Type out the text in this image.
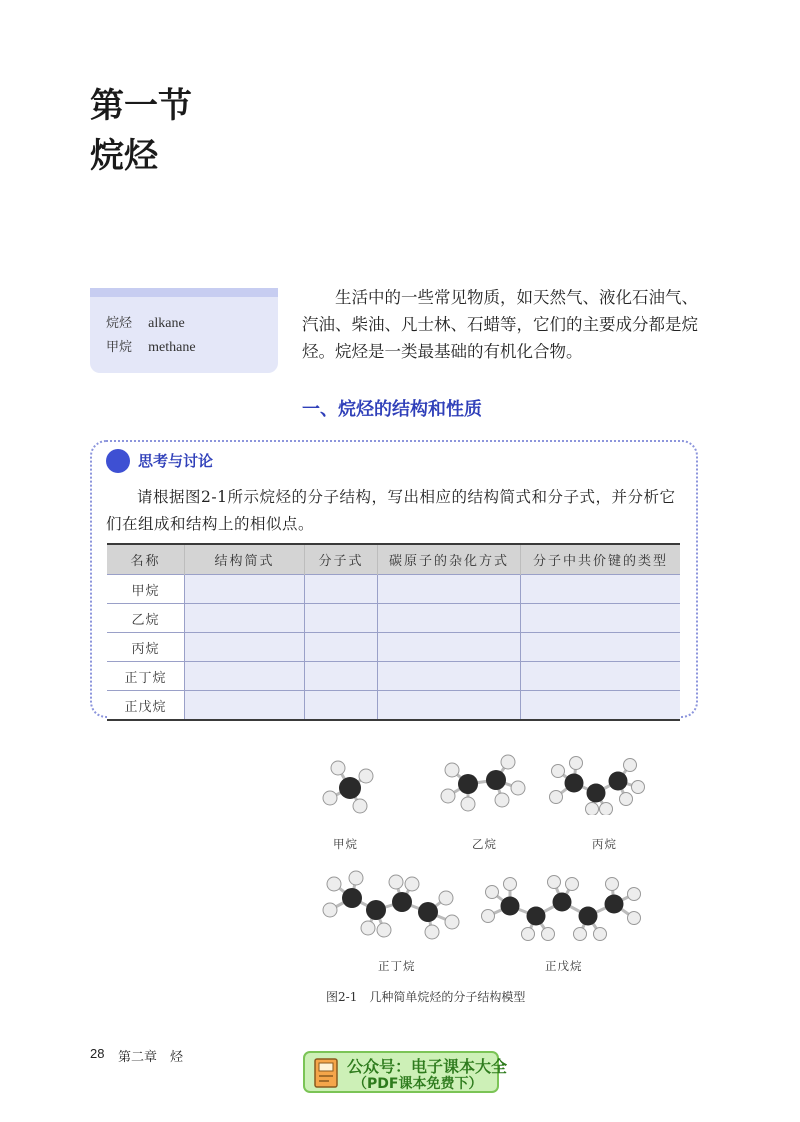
第一节
烷烃
烷烃 alkane
甲烷 methane
生活中的一些常见物质，如天然气、液化石油气、汽油、柴油、凡士林、石蜡等，它们的主要成分都是烷烃。烷烃是一类最基础的有机化合物。
一、烷烃的结构和性质
思考与讨论
请根据图2-1所示烷烃的分子结构，写出相应的结构简式和分子式，并分析它们在组成和结构上的相似点。
名称	结构简式	分子式	碳原子的杂化方式	分子中共价键的类型
甲烷				
乙烷				
丙烷				
正丁烷				
正戊烷				
甲烷	乙烷	丙烷
正丁烷	正戊烷
图2-1　几种简单烷烃的分子结构模型
28 第二章　烃	公众号：电子课本大全
（PDF课本免费下）
